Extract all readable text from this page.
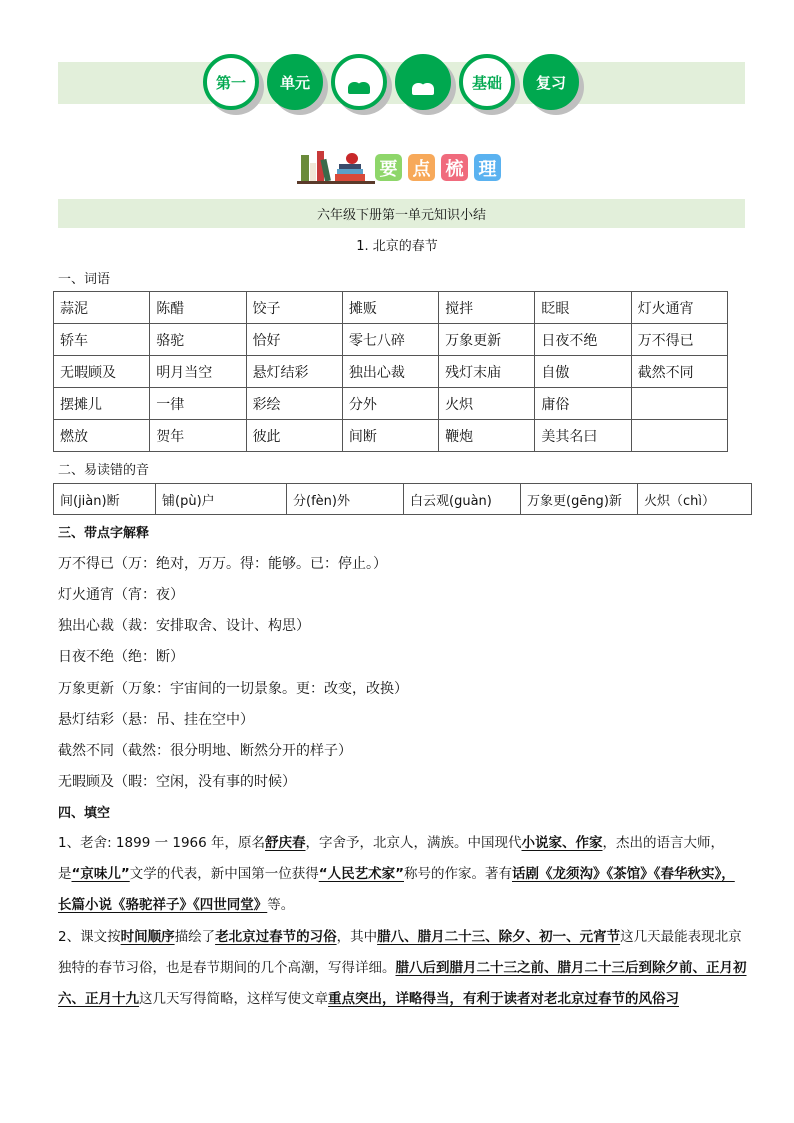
第一 单元	基础 复习
要 点 梳 理
六年级下册第一单元知识小结
1. 北京的春节
一、词语
蒜泥	陈醋	饺子	摊贩	搅拌	眨眼	灯火通宵
轿车	骆驼	恰好	零七八碎	万象更新	日夜不绝	万不得已
无暇顾及	明月当空	悬灯结彩	独出心裁	残灯末庙	自傲	截然不同
摆摊儿	一律	彩绘	分外	火炽	庸俗	
燃放	贺年	彼此	间断	鞭炮	美其名曰	
二、易读错的音
间(jiàn)断	铺(pù)户	分(fèn)外	白云观(guàn)	万象更(gēng)新	火炽（chì）
三、带点字解释
万不得已（万：绝对，万万。得：能够。已：停止。）
灯火通宵（宵：夜）
独出心裁（裁：安排取舍、设计、构思）
日夜不绝（绝：断）
万象更新（万象：宇宙间的一切景象。更：改变，改换）
悬灯结彩（悬：吊、挂在空中）
截然不同（截然：很分明地、断然分开的样子）
无暇顾及（暇：空闲，没有事的时候）
四、填空
1、老舍: 1899 一 1966 年，原名舒庆春，字舍予，北京人，满族。中国现代小说家、作家，杰出的语言大师，是“京味儿”文学的代表，新中国第一位获得“人民艺术家”称号的作家。著有话剧《龙须沟》《茶馆》《春华秋实》，长篇小说《骆驼祥子》《四世同堂》等。
2、课文按时间顺序描绘了老北京过春节的习俗，其中腊八、腊月二十三、除夕、初一、元宵节这几天最能表现北京独特的春节习俗，也是春节期间的几个高潮，写得详细。腊八后到腊月二十三之前、腊月二十三后到除夕前、正月初六、正月十九这几天写得简略，这样写使文章重点突出，详略得当，有利于读者对老北京过春节的风俗习
